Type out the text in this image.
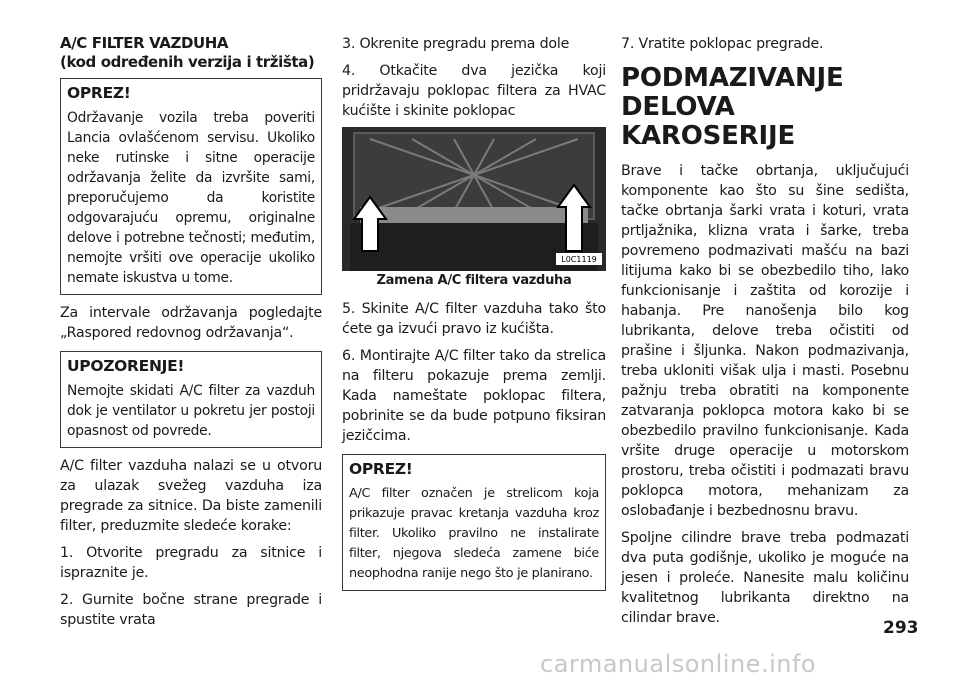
A/C FILTER VAZDUHA
(kod određenih verzija i tržišta)
OPREZ!

Održavanje vozila treba poveriti Lancia ovlašćenom servisu. Ukoliko neke rutinske i sitne operacije održavanja želite da izvršite sami, preporučujemo da koristite odgovarajuću opremu, originalne delove i potrebne tečnosti; međutim, nemojte vršiti ove operacije ukoliko nemate iskustva u tome.

Za intervale održavanja pogledajte „Raspored redovnog održavanja“.

UPOZORENJE!

Nemojte skidati A/C filter za vazduh dok je ventilator u pokretu jer postoji opasnost od povrede.

A/C filter vazduha nalazi se u otvoru za ulazak svežeg vazduha iza pregrade za sitnice. Da biste zamenili filter, preduzmite sledeće korake:

1. Otvorite pregradu za sitnice i ispraznite je.

2. Gurnite bočne strane pregrade i spustite vrata

3. Okrenite pregradu prema dole

4. Otkačite dva jezička koji pridržavaju poklopac filtera za HVAC kućište i skinite poklopac

L0C1119
Zamena A/C filtera vazduha

5. Skinite A/C filter vazduha tako što ćete ga izvući pravo iz kućišta.

6. Montirajte A/C filter tako da strelica na filteru pokazuje prema zemlji. Kada nameštate poklopac filtera, pobrinite se da bude potpuno fiksiran jezičcima.

OPREZ!

A/C filter označen je strelicom koja prikazuje pravac kretanja vazduha kroz filter. Ukoliko pravilno ne instalirate filter, njegova sledeća zamene biće neophodna ranije nego što je planirano.

7. Vratite poklopac pregrade.

PODMAZIVANJE DELOVA KAROSERIJE

Brave i tačke obrtanja, uključujući komponente kao što su šine sedišta, tačke obrtanja šarki vrata i koturi, vrata prtljažnika, klizna vrata i šarke, treba povremeno podmazivati mašću na bazi litijuma kako bi se obezbedilo tiho, lako funkcionisanje i zaštita od korozije i habanja. Pre nanošenja bilo kog lubrikanta, delove treba očistiti od prašine i šljunka. Nakon podmazivanja, treba ukloniti višak ulja i masti. Posebnu pažnju treba obratiti na komponente zatvaranja poklopca motora kako bi se obezbedilo pravilno funkcionisanje. Kada vršite druge operacije u motorskom prostoru, treba očistiti i podmazati bravu poklopca motora, mehanizam za oslobađanje i bezbednosnu bravu.

Spoljne cilindre brave treba podmazati dva puta godišnje, ukoliko je moguće na jesen i proleće. Nanesite malu količinu kvalitetnog lubrikanta direktno na cilindar brave.	293
carmanualsonline.info
